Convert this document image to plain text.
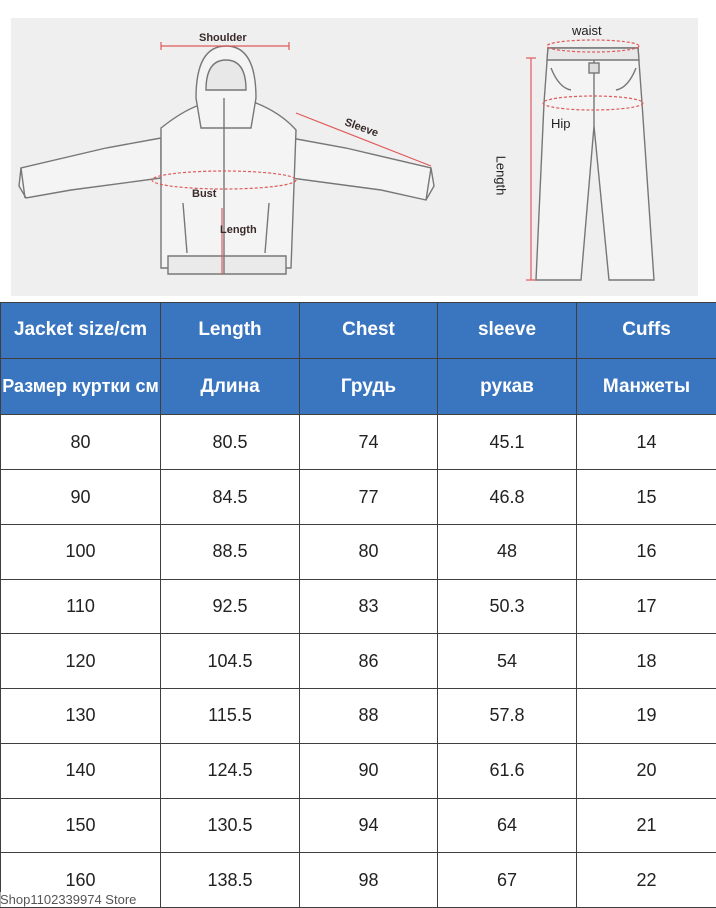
Shoulder
Sleeve
Bust
Length
waist
Hip
Length
Jacket size/cm	Length	Chest	sleeve	Cuffs
Размер куртки см	Длина	Грудь	рукав	Манжеты
80	80.5	74	45.1	14
90	84.5	77	46.8	15
100	88.5	80	48	16
110	92.5	83	50.3	17
120	104.5	86	54	18
130	115.5	88	57.8	19
140	124.5	90	61.6	20
150	130.5	94	64	21
160	138.5	98	67	22
Shop1102339974 Store
